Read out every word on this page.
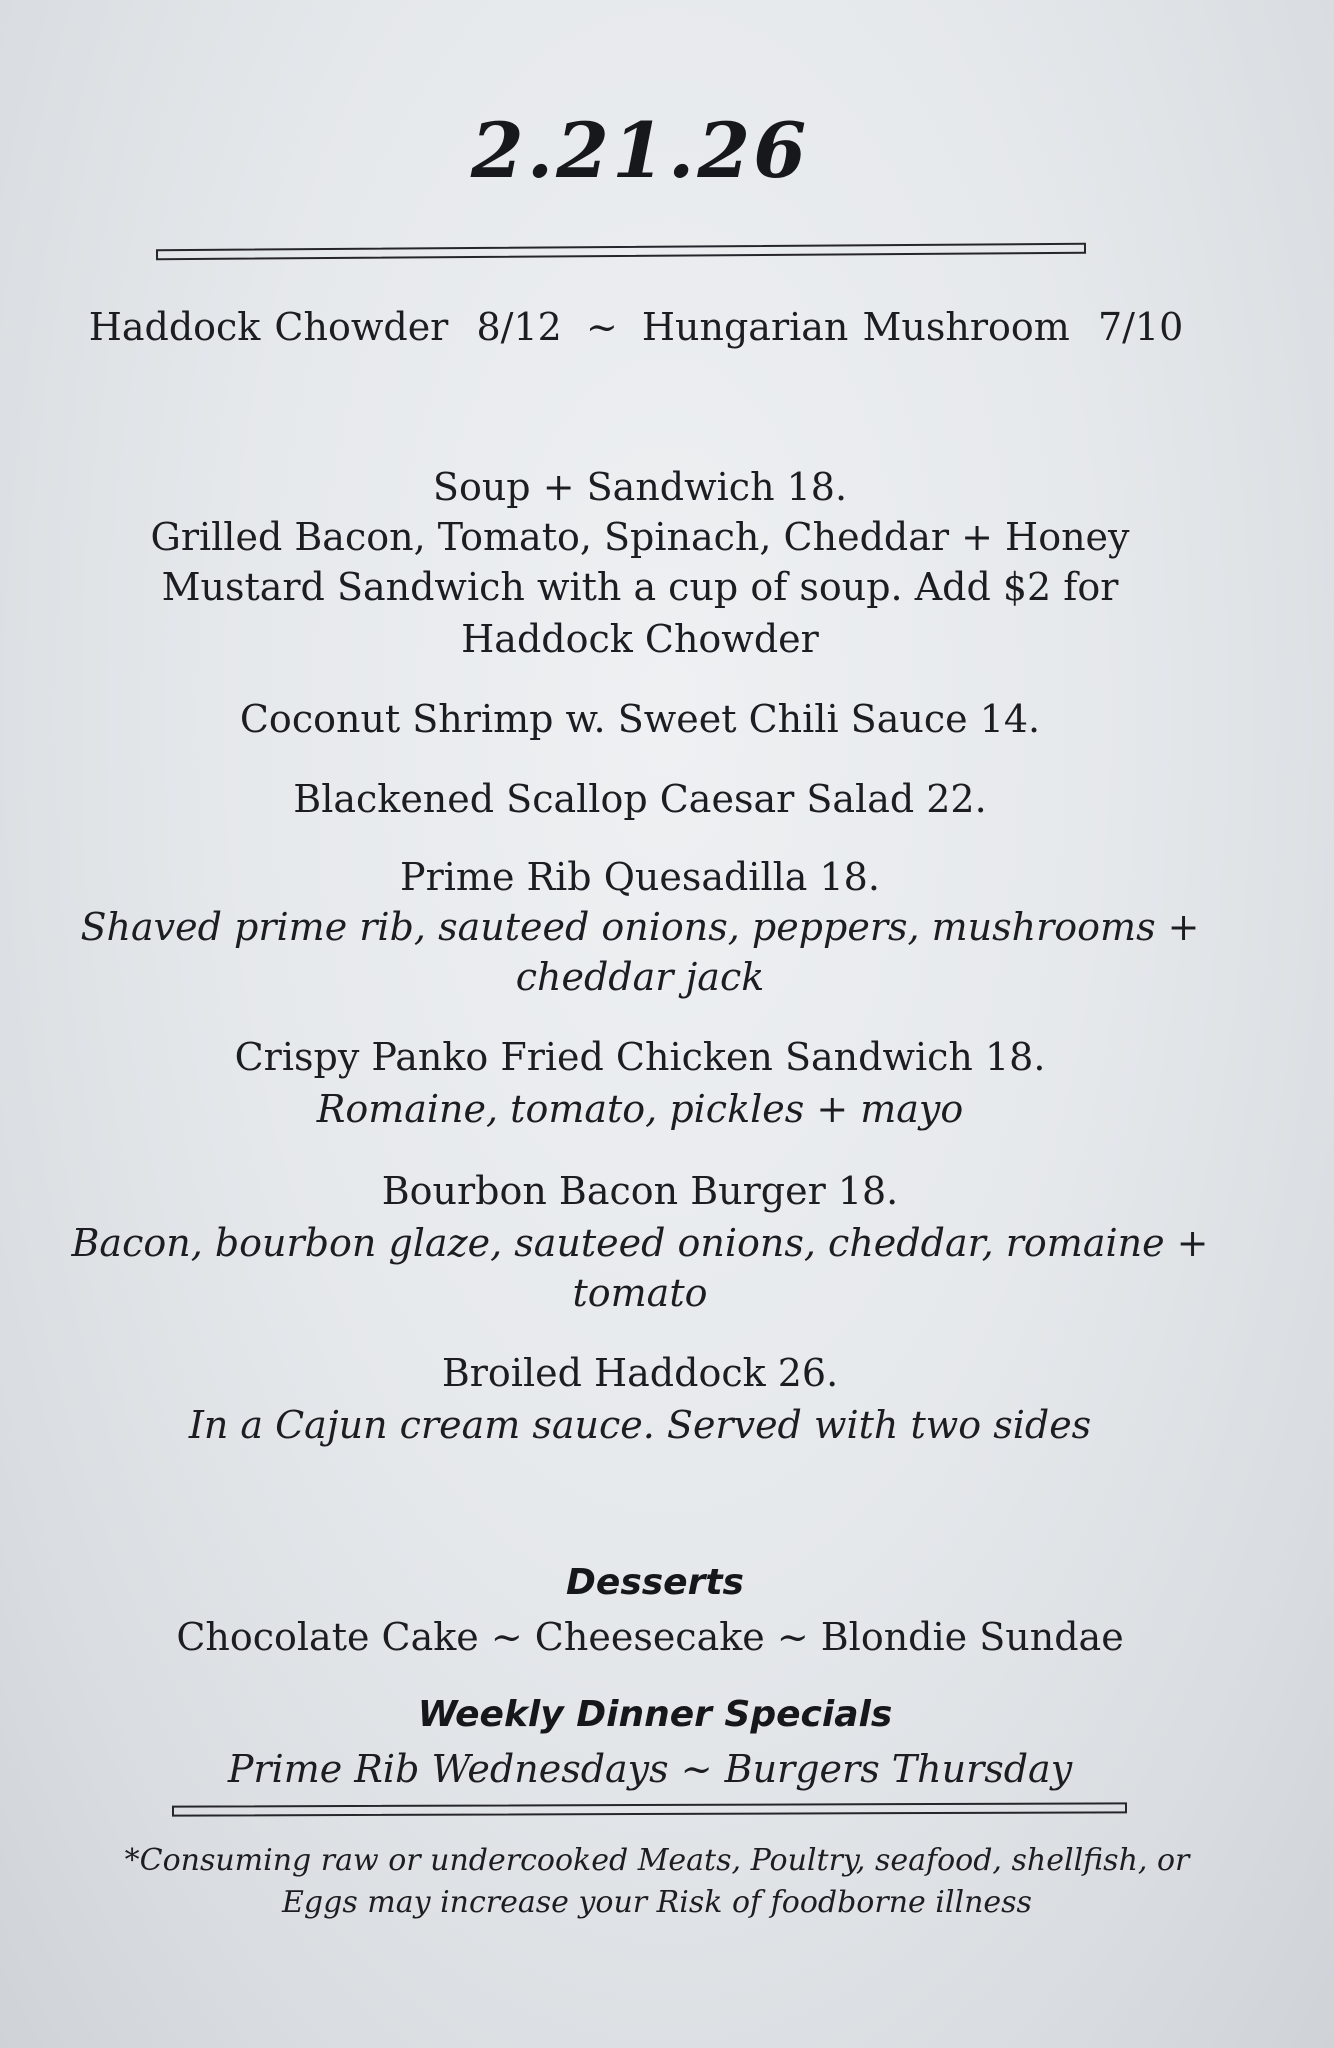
2.21.26
Haddock Chowder  8/12 ~ Hungarian Mushroom  7/10
Soup + Sandwich 18.
Grilled Bacon, Tomato, Spinach, Cheddar + Honey
Mustard Sandwich with a cup of soup. Add $2 for
Haddock Chowder
Coconut Shrimp w. Sweet Chili Sauce 14.
Blackened Scallop Caesar Salad 22.
Prime Rib Quesadilla 18.
Shaved prime rib, sauteed onions, peppers, mushrooms +
cheddar jack
Crispy Panko Fried Chicken Sandwich 18.
Romaine, tomato, pickles + mayo
Bourbon Bacon Burger 18.
Bacon, bourbon glaze, sauteed onions, cheddar, romaine +
tomato
Broiled Haddock 26.
In a Cajun cream sauce. Served with two sides
Desserts
Chocolate Cake ~ Cheesecake ~ Blondie Sundae
Weekly Dinner Specials
Prime Rib Wednesdays ~ Burgers Thursday
*Consuming raw or undercooked Meats, Poultry, seafood, shellfish, or
Eggs may increase your Risk of foodborne illness
